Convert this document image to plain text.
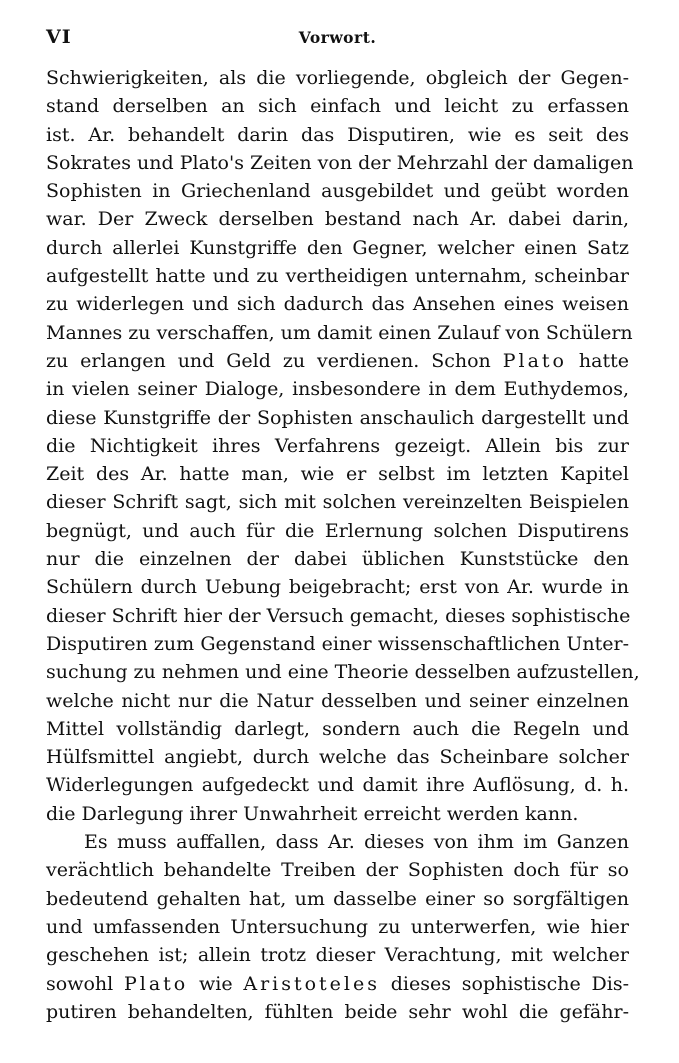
VI	Vorwort.
Schwierigkeiten, als die vorliegende, obgleich der Gegen-
stand derselben an sich einfach und leicht zu erfassen
ist. Ar. behandelt darin das Disputiren, wie es seit des
Sokrates und Plato's Zeiten von der Mehrzahl der damaligen
Sophisten in Griechenland ausgebildet und geübt worden
war. Der Zweck derselben bestand nach Ar. dabei darin,
durch allerlei Kunstgriffe den Gegner, welcher einen Satz
aufgestellt hatte und zu vertheidigen unternahm, scheinbar
zu widerlegen und sich dadurch das Ansehen eines weisen
Mannes zu verschaffen, um damit einen Zulauf von Schülern
zu erlangen und Geld zu verdienen. Schon Plato hatte
in vielen seiner Dialoge, insbesondere in dem Euthydemos,
diese Kunstgriffe der Sophisten anschaulich dargestellt und
die Nichtigkeit ihres Verfahrens gezeigt. Allein bis zur
Zeit des Ar. hatte man, wie er selbst im letzten Kapitel
dieser Schrift sagt, sich mit solchen vereinzelten Beispielen
begnügt, und auch für die Erlernung solchen Disputirens
nur die einzelnen der dabei üblichen Kunststücke den
Schülern durch Uebung beigebracht; erst von Ar. wurde in
dieser Schrift hier der Versuch gemacht, dieses sophistische
Disputiren zum Gegenstand einer wissenschaftlichen Unter-
suchung zu nehmen und eine Theorie desselben aufzustellen,
welche nicht nur die Natur desselben und seiner einzelnen
Mittel vollständig darlegt, sondern auch die Regeln und
Hülfsmittel angiebt, durch welche das Scheinbare solcher
Widerlegungen aufgedeckt und damit ihre Auflösung, d. h.
die Darlegung ihrer Unwahrheit erreicht werden kann.
Es muss auffallen, dass Ar. dieses von ihm im Ganzen
verächtlich behandelte Treiben der Sophisten doch für so
bedeutend gehalten hat, um dasselbe einer so sorgfältigen
und umfassenden Untersuchung zu unterwerfen, wie hier
geschehen ist; allein trotz dieser Verachtung, mit welcher
sowohl Plato wie Aristoteles dieses sophistische Dis-
putiren behandelten, fühlten beide sehr wohl die gefähr-
